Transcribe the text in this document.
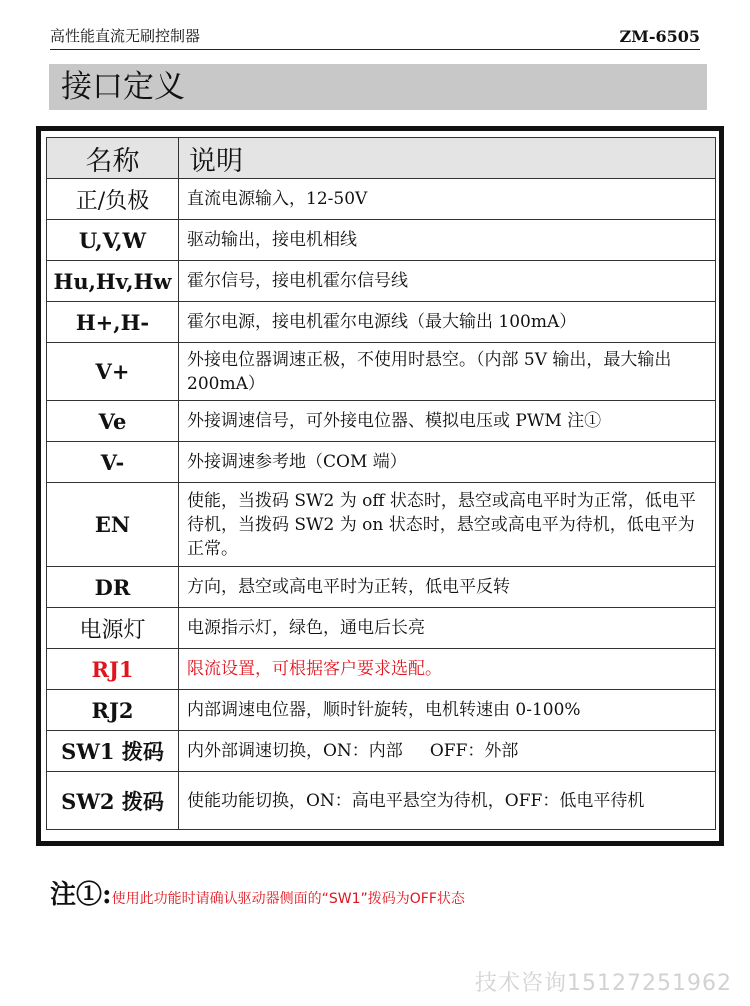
高性能直流无刷控制器	ZM-6505
接口定义
名称	说明
正/负极	直流电源输入，12-50V
U,V,W	驱动输出，接电机相线
Hu,Hv,Hw	霍尔信号，接电机霍尔信号线
H+,H-	霍尔电源，接电机霍尔电源线（最大输出 100mA）
V+	外接电位器调速正极，不使用时悬空。（内部 5V 输出，最大输出 200mA）
Ve	外接调速信号，可外接电位器、模拟电压或 PWM 注①
V-	外接调速参考地（COM 端）
EN	使能，当拨码 SW2 为 off 状态时，悬空或高电平时为正常，低电平待机，当拨码 SW2 为 on 状态时，悬空或高电平为待机，低电平为正常。
DR	方向，悬空或高电平时为正转，低电平反转
电源灯	电源指示灯，绿色，通电后长亮
RJ1	限流设置，可根据客户要求选配。
RJ2	内部调速电位器，顺时针旋转，电机转速由 0-100%
SW1 拨码	内外部调速切换，ON：内部     OFF：外部
SW2 拨码	使能功能切换，ON：高电平悬空为待机，OFF：低电平待机
注①: 使用此功能时请确认驱动器侧面的“SW1”拨码为OFF状态
技术咨询15127251962
